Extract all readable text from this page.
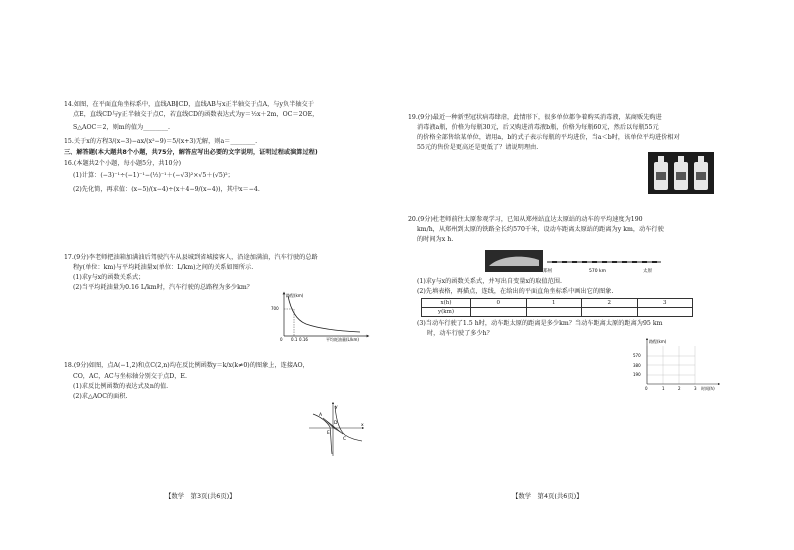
14.如图，在平面直角坐标系中，直线AB∥CD，直线AB与x正半轴交于点A，与y负半轴交于
点E，直线CD与y正半轴交于点C，若直线CD的函数表达式为y＝½x＋2m，OC＝2OE，
S△AOC＝2，则m的值为________.
15.关于x的方程3/(x−3)−ax/(x²−9)＝5/(x+3)无解，则a＝________.
三、解答题(本大题共8个小题，共75分，解答应写出必要的文字说明，证明过程或演算过程)
16.(本题共2个小题，每小题5分，共10分)
(1)计算：(−3)⁻¹÷(−1)⁻¹−(½)⁻¹＋(−√3)²×√5＋(√5)²；
(2)先化简，再求值：(x−5)/(x−4)÷(x＋4−9/(x−4))，其中x＝−4.
17.(9分)李老师把油箱加满油后驾驶汽车从县城到省城接客人，沿途加满油，汽车行驶的总路
程y(单位：km)与平均耗油量x(单位：L/km)之间的关系如图所示.
(1)求y与x的函数关系式；
(2)当平均耗油量为0.16 L/km时，汽车行驶的总路程为多少km？
路程(km)
700
0 0.1 0.16	平均耗油量(L/km)
18.(9分)如图，点A(−1,2)和点C(2,n)均在反比例函数y＝k/x(k≠0)的图象上，连接AO，
CO，AC，AC与坐标轴分别交于点D，E.
(1)求反比例函数的表达式及n的值.
(2)求△AOC的面积.
y
A
D
E
C
x
【数学　第3页(共6页)】
19.(9分)最近一种新型冠状病毒肆虐，此情形下，很多单位都争着购买消毒液，某商贩先购进
消毒液a瓶，价格为每瓶30元，后又购进消毒液b瓶，价格为每瓶60元，然后以每瓶55元
的价格全部售给某单位，请用a，b的式子表示每瓶的平均进价，当a＜b时，该单位平均进价相对
55元的售价是更高还是更低了？请说明理由.
20.(9分)杜老师前往太原参观学习，已知从郑州站直达太原站的动车的平均速度为190
km/h，从郑州到太原的铁路全长约570千米，设动车距离太原站的距离为y km，动车行驶
的时间为x h.
郑州	570 km	太原
(1)求y与x的函数关系式，并写出自变量x的取值范围.
(2)先填表格，再描点，连线，在给出的平面直角坐标系中画出它的图象.
x(h)	0	1	2	3
y(km)				
(3)当动车行驶了1.5 h时，动车距太原的距离是多少km？当动车距离太原的距离为95 km
时，动车行驶了多少h？
路程(km)
570
380
190
0	1	2	3 时间(h)
【数学　第4页(共6页)】
